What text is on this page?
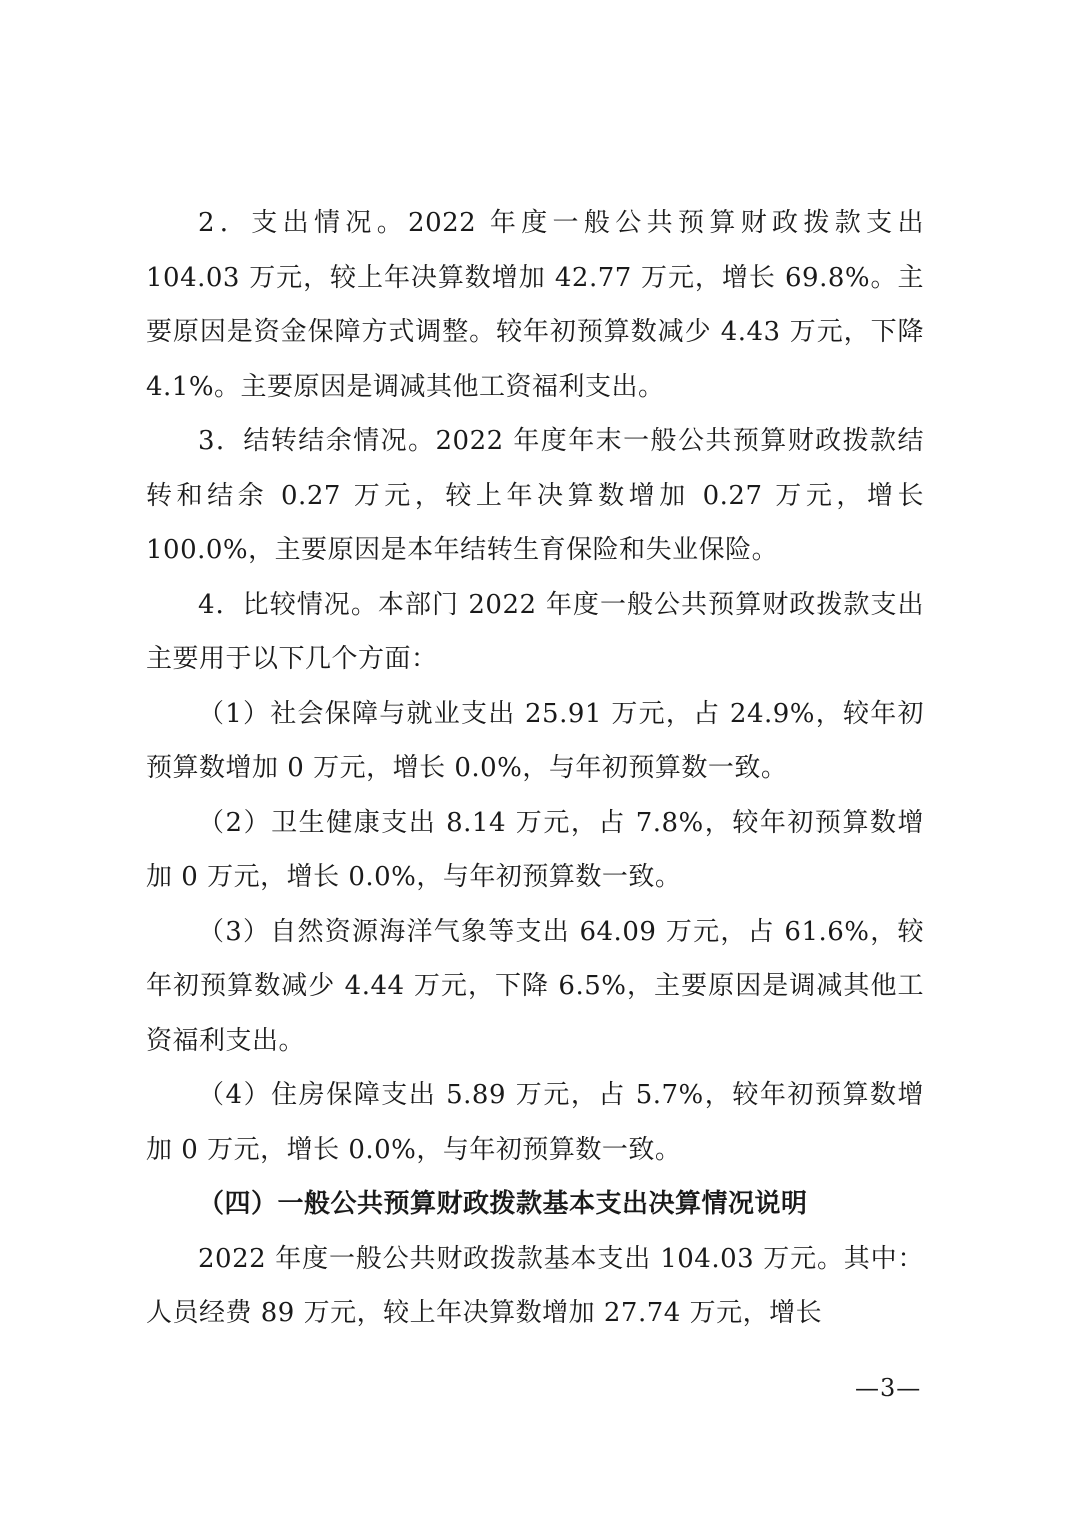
2．支出情况。2022 年度一般公共预算财政拨款支出 104.03 万元，较上年决算数增加 42.77 万元，增长 69.8%。主要原因是资金保障方式调整。较年初预算数减少 4.43 万元，下降 4.1%。主要原因是调减其他工资福利支出。

3．结转结余情况。2022 年度年末一般公共预算财政拨款结转和结余 0.27 万元，较上年决算数增加 0.27 万元，增长 100.0%，主要原因是本年结转生育保险和失业保险。

4．比较情况。本部门 2022 年度一般公共预算财政拨款支出主要用于以下几个方面：

（1）社会保障与就业支出 25.91 万元，占 24.9%，较年初预算数增加 0 万元，增长 0.0%，与年初预算数一致。

（2）卫生健康支出 8.14 万元，占 7.8%，较年初预算数增加 0 万元，增长 0.0%，与年初预算数一致。

（3）自然资源海洋气象等支出 64.09 万元，占 61.6%，较年初预算数减少 4.44 万元，下降 6.5%，主要原因是调减其他工资福利支出。

（4）住房保障支出 5.89 万元，占 5.7%，较年初预算数增加 0 万元，增长 0.0%，与年初预算数一致。

（四）一般公共预算财政拨款基本支出决算情况说明

2022 年度一般公共财政拨款基本支出 104.03 万元。其中：人员经费 89 万元，较上年决算数增加 27.74 万元，增长

—3—
